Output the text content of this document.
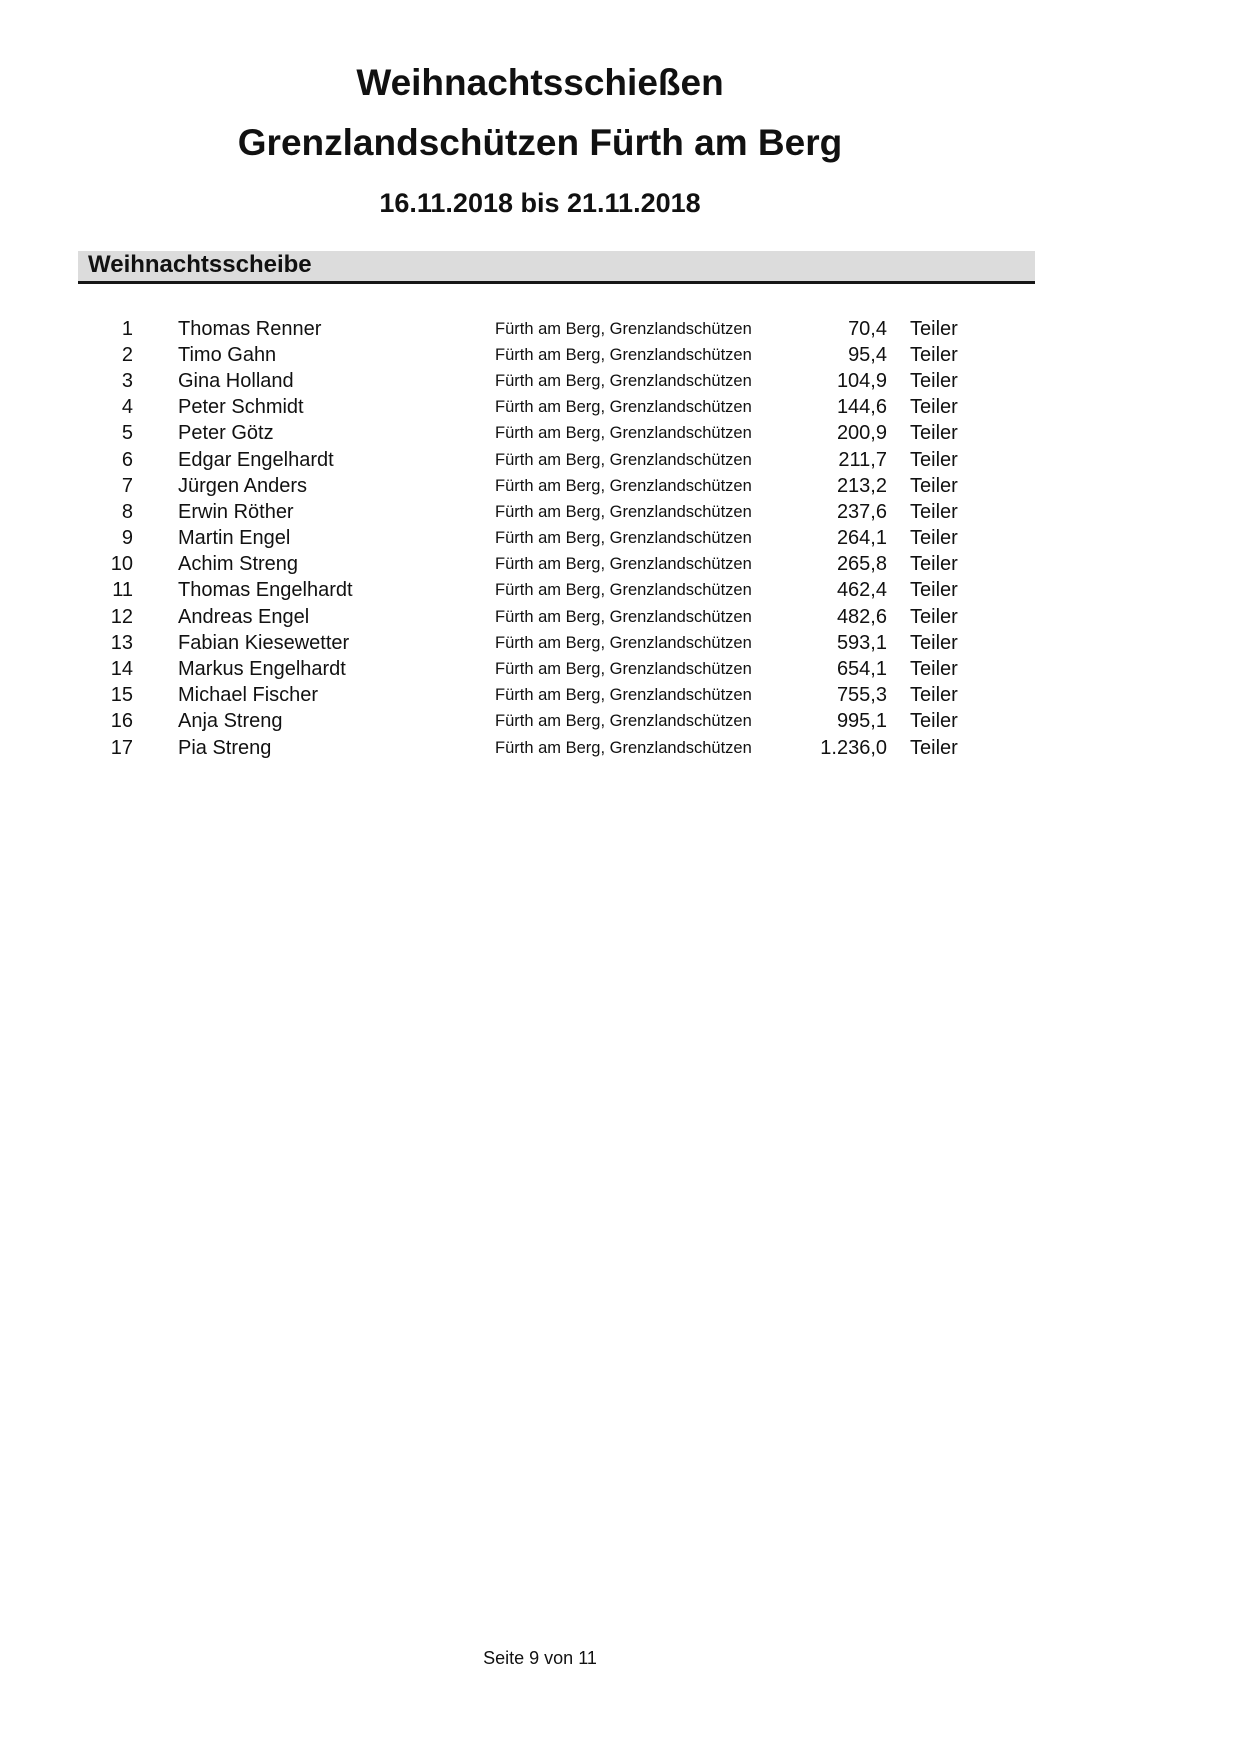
Weihnachtsschießen
Grenzlandschützen Fürth am Berg
16.11.2018 bis 21.11.2018
Weihnachtsscheibe
1	Thomas Renner	Fürth am Berg, Grenzlandschützen	70,4	Teiler
2	Timo Gahn	Fürth am Berg, Grenzlandschützen	95,4	Teiler
3	Gina Holland	Fürth am Berg, Grenzlandschützen	104,9	Teiler
4	Peter Schmidt	Fürth am Berg, Grenzlandschützen	144,6	Teiler
5	Peter Götz	Fürth am Berg, Grenzlandschützen	200,9	Teiler
6	Edgar Engelhardt	Fürth am Berg, Grenzlandschützen	211,7	Teiler
7	Jürgen Anders	Fürth am Berg, Grenzlandschützen	213,2	Teiler
8	Erwin Röther	Fürth am Berg, Grenzlandschützen	237,6	Teiler
9	Martin Engel	Fürth am Berg, Grenzlandschützen	264,1	Teiler
10	Achim Streng	Fürth am Berg, Grenzlandschützen	265,8	Teiler
11	Thomas Engelhardt	Fürth am Berg, Grenzlandschützen	462,4	Teiler
12	Andreas Engel	Fürth am Berg, Grenzlandschützen	482,6	Teiler
13	Fabian Kiesewetter	Fürth am Berg, Grenzlandschützen	593,1	Teiler
14	Markus Engelhardt	Fürth am Berg, Grenzlandschützen	654,1	Teiler
15	Michael Fischer	Fürth am Berg, Grenzlandschützen	755,3	Teiler
16	Anja Streng	Fürth am Berg, Grenzlandschützen	995,1	Teiler
17	Pia Streng	Fürth am Berg, Grenzlandschützen	1.236,0	Teiler
Seite 9 von 11
